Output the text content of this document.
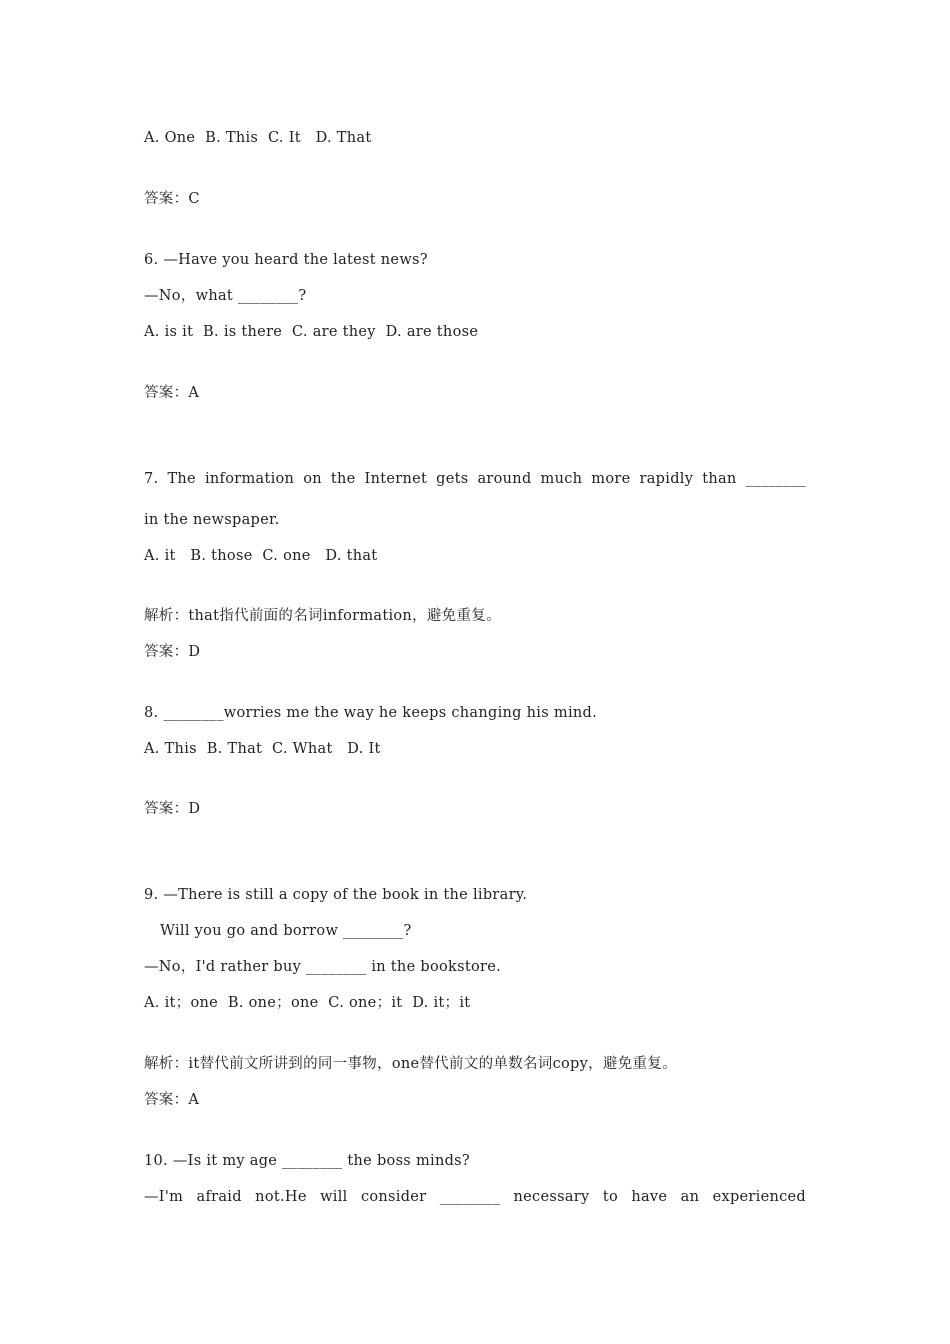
A. One  B. This  C. It   D. That
答案：C
6. —Have you heard the latest news?
—No，what ________?
A. is it  B. is there  C. are they  D. are those
答案：A
7. The information on the Internet gets around much more rapidly than ________
in the newspaper.
A. it   B. those  C. one   D. that
解析：that指代前面的名词information，避免重复。
答案：D
8. ________worries me the way he keeps changing his mind.
A. This  B. That  C. What   D. It
答案：D
9. —There is still a copy of the book in the library.
Will you go and borrow ________?
—No，I'd rather buy ________ in the bookstore.
A. it；one  B. one；one  C. one；it  D. it；it
解析：it替代前文所讲到的同一事物，one替代前文的单数名词copy，避免重复。
答案：A
10. —Is it my age ________ the boss minds?
—I'm afraid not.He will consider ________ necessary to have an experienced
